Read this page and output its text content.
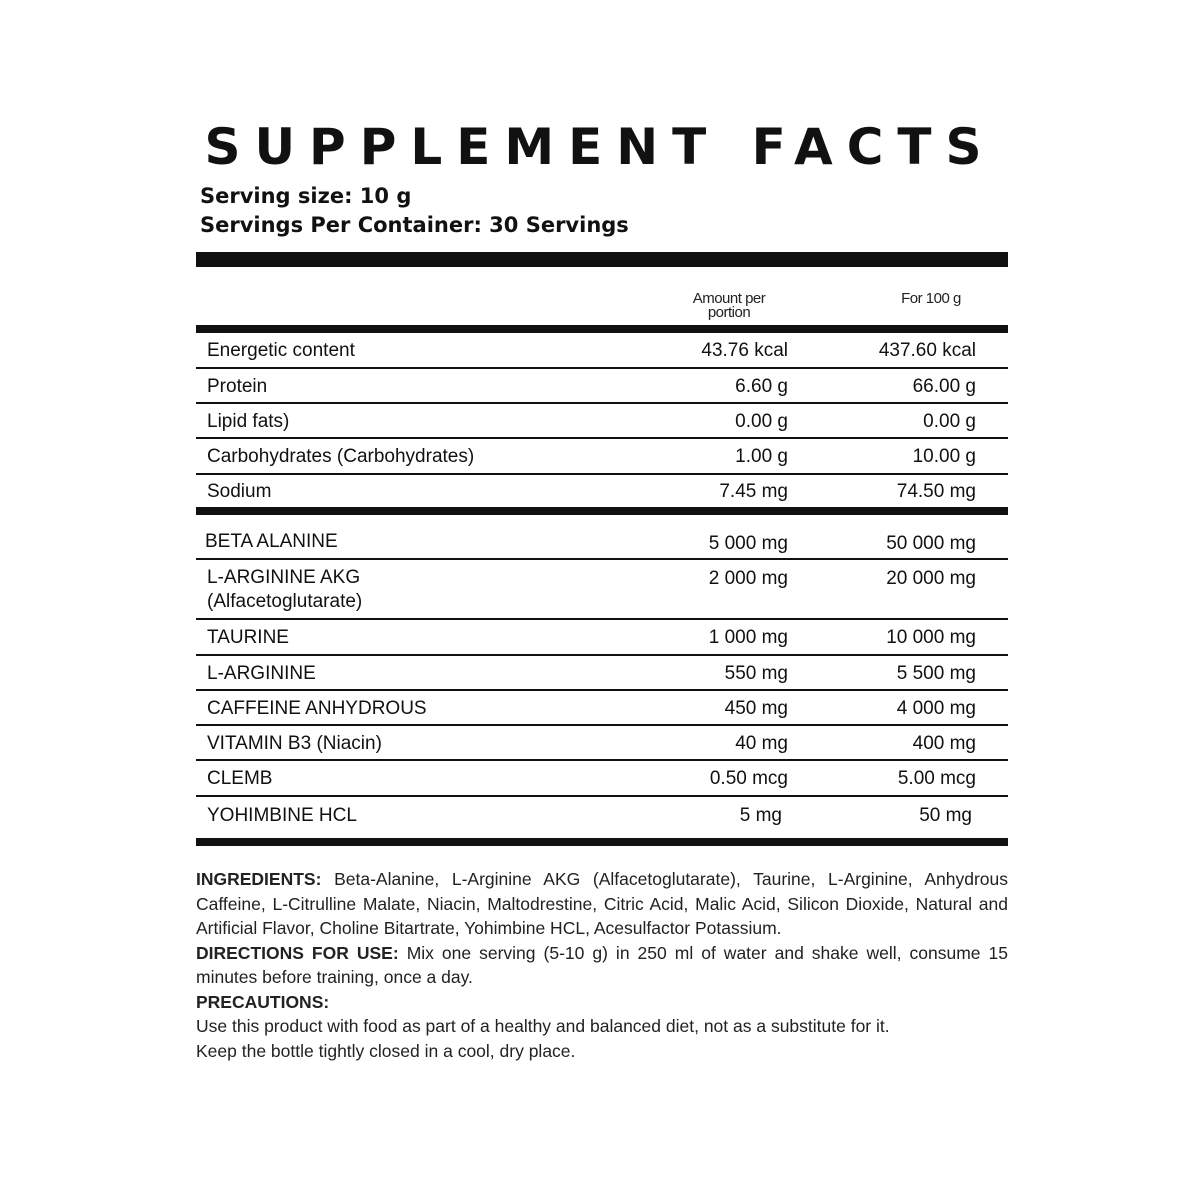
SUPPLEMENT FACTS
Serving size: 10 g
Servings Per Container: 30 Servings
Amount per portion
For 100 g
Energetic content	43.76 kcal	437.60 kcal
Protein	6.60 g	66.00 g
Lipid fats)	0.00 g	0.00 g
Carbohydrates (Carbohydrates)	1.00 g	10.00 g
Sodium	7.45 mg	74.50 mg
BETA ALANINE	5 000 mg	50 000 mg
L-ARGININE AKG
(Alfacetoglutarate)
2 000 mg	20 000 mg
TAURINE	1 000 mg	10 000 mg
L-ARGININE	550 mg	5 500 mg
CAFFEINE ANHYDROUS	450 mg	4 000 mg
VITAMIN B3 (Niacin)	40 mg	400 mg
CLEMB	0.50 mcg	5.00 mcg
YOHIMBINE HCL	5 mg	50 mg

INGREDIENTS: Beta-Alanine, L-Arginine AKG (Alfacetoglutarate), Taurine, L-Arginine, Anhydrous Caffeine, L-Citrulline Malate, Niacin, Maltodrestine, Citric Acid, Malic Acid, Silicon Dioxide, Natural and Artificial Flavor, Choline Bitartrate, Yohimbine HCL, Acesulfactor Potassium.

DIRECTIONS FOR USE: Mix one serving (5-10 g) in 250 ml of water and shake well, consume 15 minutes before training, once a day.

PRECAUTIONS:

Use this product with food as part of a healthy and balanced diet, not as a substitute for it.

Keep the bottle tightly closed in a cool, dry place.
